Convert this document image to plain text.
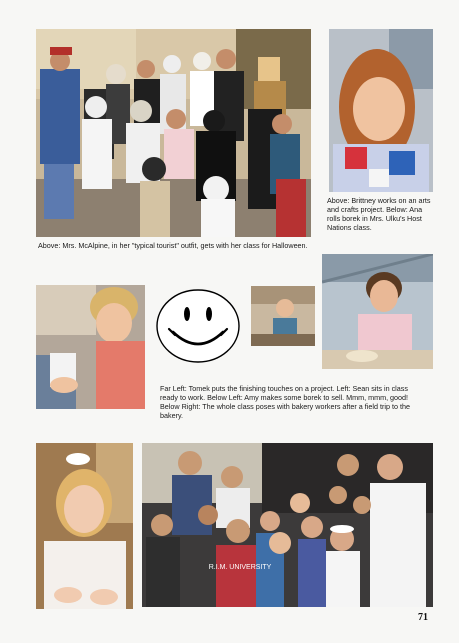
Above: Brittney works on an arts and crafts project. Below: Ana rolls borek in Mrs. Ulku's Host Nations class.
Above: Mrs. McAlpine, in her "typical tourist" outfit, gets with her class for Halloween.
Far Left: Tomek puts the finishing touches on a project. Left: Sean sits in class ready to work. Below Left: Amy makes some borek to sell. Mmm, mmm, good! Below Right: The whole class poses with bakery workers after a field trip to the bakery.
R.I.M. UNIVERSITY
71
